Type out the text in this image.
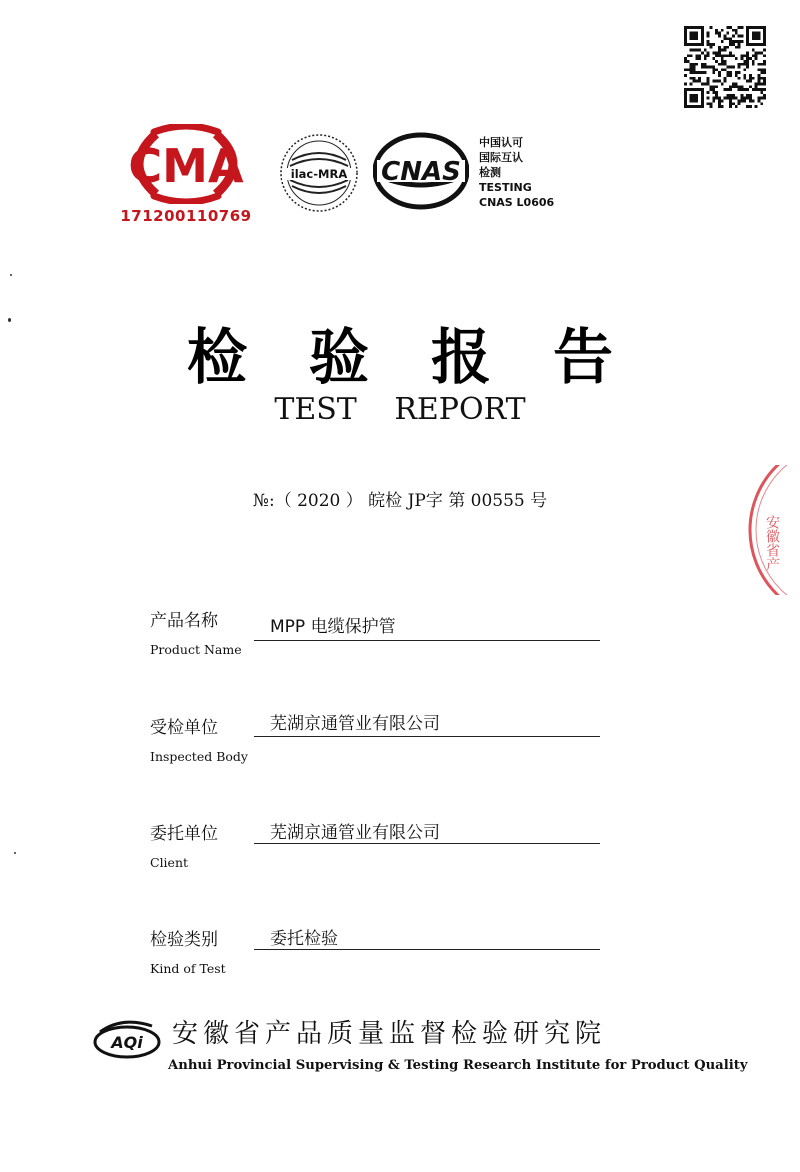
CMA
171200110769
ilac-MRA CNAS
中国认可
国际互认
检测
TESTING
CNAS L0606
检验报告
TEST REPORT
№:（ 2020 ） 皖检 JP字 第 00555 号
产品名称
Product Name
MPP 电缆保护管
受检单位
Inspected Body
芜湖京通管业有限公司
委托单位
Client
芜湖京通管业有限公司
检验类别
Kind of Test
委托检验
安徽省产
AQi 安徽省产品质量监督检验研究院
Anhui Provincial Supervising & Testing Research Institute for Product Quality
